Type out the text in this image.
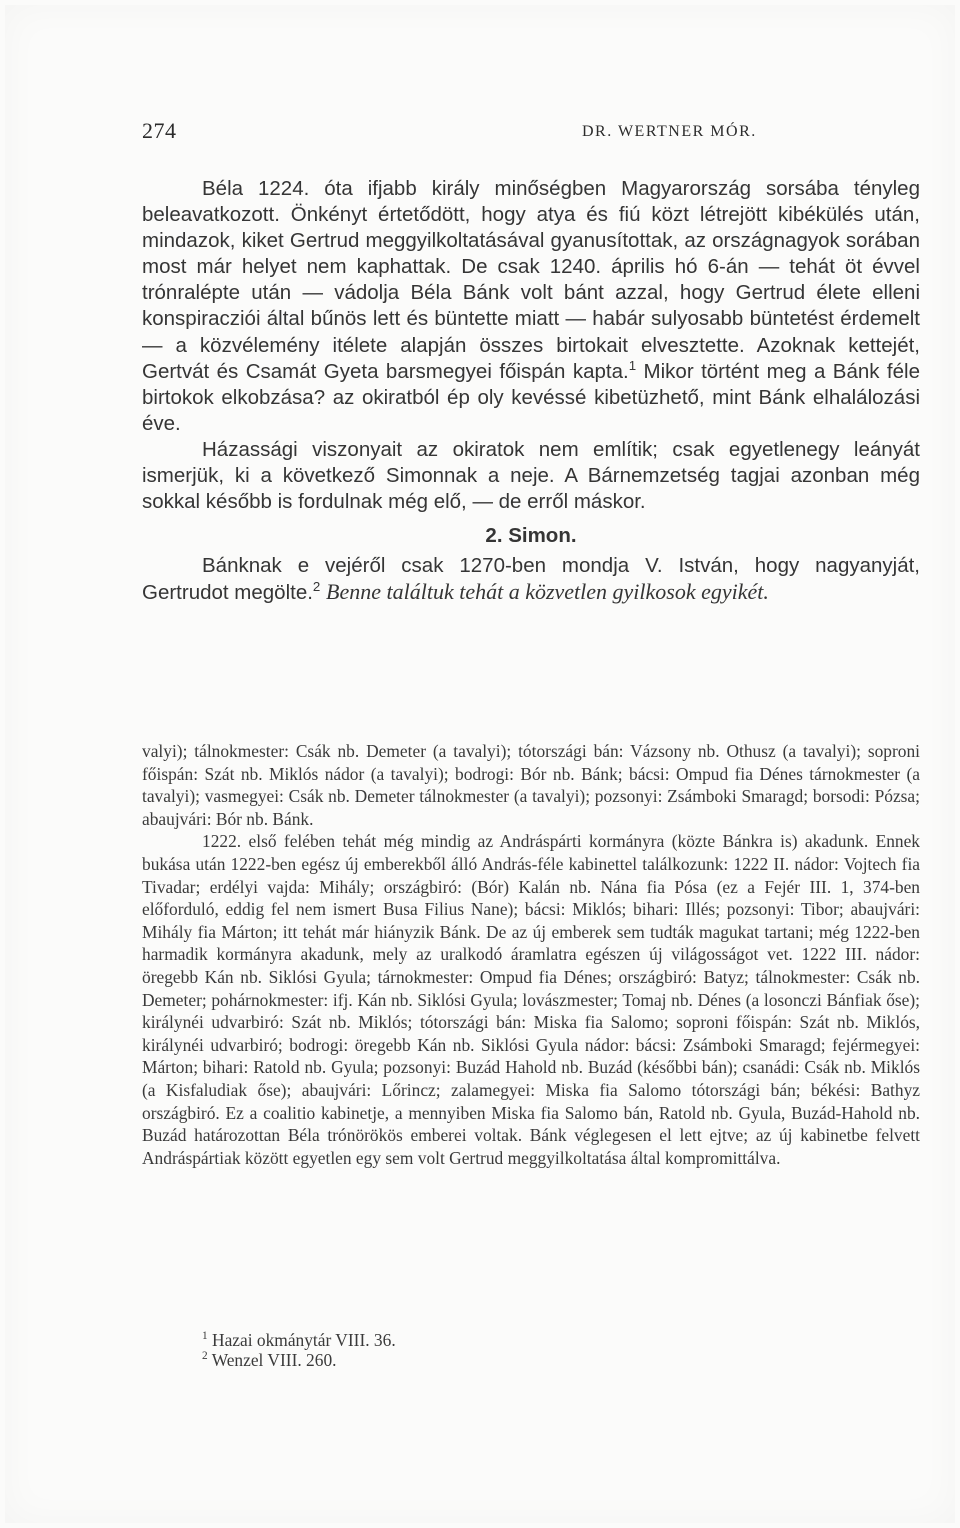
274	DR. WERTNER MÓR.

Béla 1224. óta ifjabb király minőségben Magyarország sorsába tényleg beleavatkozott. Önkényt értetődött, hogy atya és fiú közt létrejött kibékülés után, mindazok, kiket Gertrud meggyilkoltatásával gyanusítottak, az országnagyok sorában most már helyet nem kaphattak. De csak 1240. április hó 6-án — tehát öt évvel trónralépte után — vádolja Béla Bánk volt bánt azzal, hogy Gertrud élete elleni konspiracziói által bűnös lett és büntette miatt — habár sulyosabb büntetést érdemelt — a közvélemény itélete alapján összes birtokait elvesztette. Azoknak kettejét, Gertvát és Csamát Gyeta barsmegyei főispán kapta.$^1$ Mikor történt meg a Bánk féle birtokok elkobzása? az okiratból ép oly kevéssé kibetüzhető, mint Bánk elhalálozási éve.

Házassági viszonyait az okiratok nem említik; csak egyetlenegy leányát ismerjük, ki a következő Simonnak a neje. A Bárnemzetség tagjai azonban még sokkal később is fordulnak még elő, — de erről máskor.

2. Simon.

Bánknak e vejéről csak 1270-ben mondja V. István, hogy nagyanyját, Gertrudot megölte.$^2$ Benne találtuk tehát a közvetlen gyilkosok egyikét.

valyi); tálnokmester: Csák nb. Demeter (a tavalyi); tótországi bán: Vázsony nb. Othusz (a tavalyi); soproni főispán: Szát nb. Miklós nádor (a tavalyi); bodrogi: Bór nb. Bánk; bácsi: Ompud fia Dénes tárnokmester (a tavalyi); vasmegyei: Csák nb. Demeter tálnokmester (a tavalyi); pozsonyi: Zsámboki Smaragd; borsodi: Pózsa; abaujvári: Bór nb. Bánk.

1222. első felében tehát még mindig az Andráspárti kormányra (közte Bánkra is) akadunk. Ennek bukása után 1222-ben egész új emberekből álló András-féle kabinettel találkozunk: 1222 II. nádor: Vojtech fia Tivadar; erdélyi vajda: Mihály; országbiró: (Bór) Kalán nb. Nána fia Pósa (ez a Fejér III. 1, 374-ben előforduló, eddig fel nem ismert Busa Filius Nane); bácsi: Miklós; bihari: Illés; pozsonyi: Tibor; abaujvári: Mihály fia Márton; itt tehát már hiányzik Bánk. De az új emberek sem tudták magukat tartani; még 1222-ben harmadik kormányra akadunk, mely az uralkodó áramlatra egészen új világosságot vet. 1222 III. nádor: öregebb Kán nb. Siklósi Gyula; tárnokmester: Ompud fia Dénes; országbiró: Batyz; tálnokmester: Csák nb. Demeter; pohárnokmester: ifj. Kán nb. Siklósi Gyula; lovászmester; Tomaj nb. Dénes (a losonczi Bánfiak őse); királynéi udvarbiró: Szát nb. Miklós; tótországi bán: Miska fia Salomo; soproni főispán: Szát nb. Miklós, királynéi udvarbiró; bodrogi: öregebb Kán nb. Siklósi Gyula nádor: bácsi: Zsámboki Smaragd; fejérmegyei: Márton; bihari: Ratold nb. Gyula; pozsonyi: Buzád Hahold nb. Buzád (későbbi bán); csanádi: Csák nb. Miklós (a Kisfaludiak őse); abaujvári: Lőrincz; zalamegyei: Miska fia Salomo tótországi bán; békési: Bathyz országbiró. Ez a coalitio kabinetje, a mennyiben Miska fia Salomo bán, Ratold nb. Gyula, Buzád-Hahold nb. Buzád határozottan Béla trónörökös emberei voltak. Bánk véglegesen el lett ejtve; az új kabinetbe felvett Andráspártiak között egyetlen egy sem volt Gertrud meggyilkoltatása által kompromittálva.

$^1$ Hazai okmánytár VIII. 36.

$^2$ Wenzel VIII. 260.
